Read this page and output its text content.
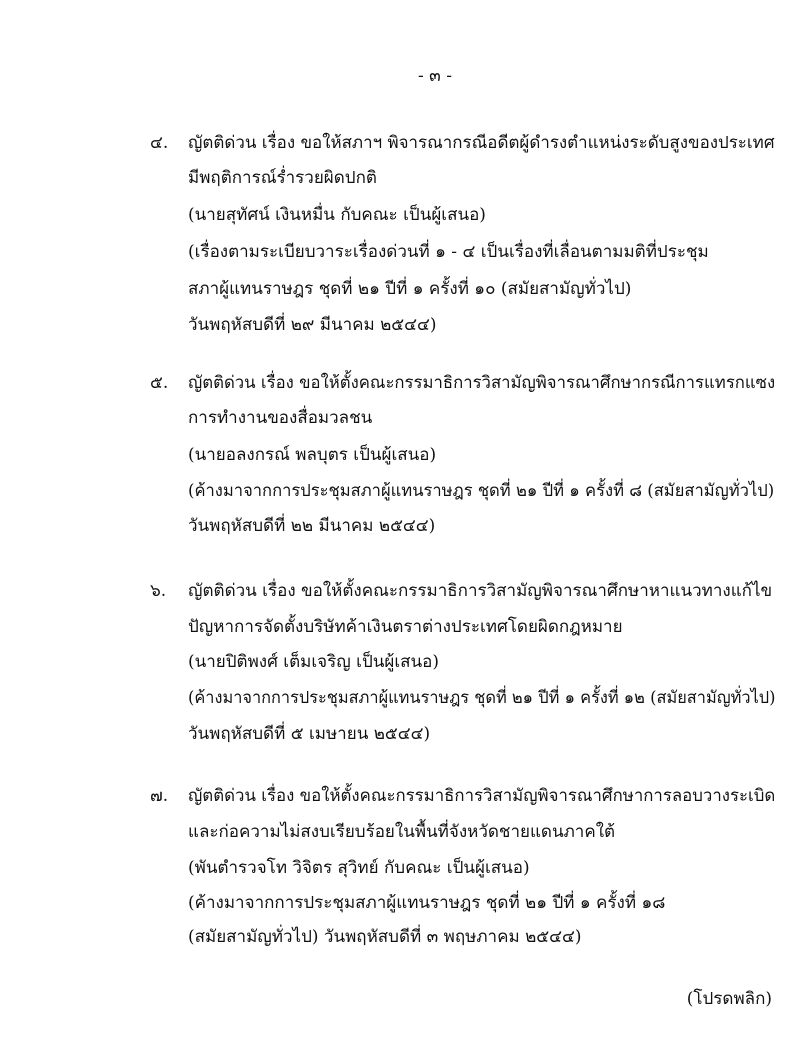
- ๓ -
๔. ญัตติด่วน เรื่อง ขอให้สภาฯ พิจารณากรณีอดีตผู้ดำรงตำแหน่งระดับสูงของประเทศ
มีพฤติการณ์ร่ำรวยผิดปกติ
(นายสุทัศน์ เงินหมื่น กับคณะ เป็นผู้เสนอ)
(เรื่องตามระเบียบวาระเรื่องด่วนที่ ๑ - ๔ เป็นเรื่องที่เลื่อนตามมติที่ประชุม
สภาผู้แทนราษฎร ชุดที่ ๒๑ ปีที่ ๑ ครั้งที่ ๑๐ (สมัยสามัญทั่วไป)
วันพฤหัสบดีที่ ๒๙ มีนาคม ๒๕๔๔)
๕. ญัตติด่วน เรื่อง ขอให้ตั้งคณะกรรมาธิการวิสามัญพิจารณาศึกษากรณีการแทรกแซง
การทำงานของสื่อมวลชน
(นายอลงกรณ์ พลบุตร เป็นผู้เสนอ)
(ค้างมาจากการประชุมสภาผู้แทนราษฎร ชุดที่ ๒๑ ปีที่ ๑ ครั้งที่ ๘ (สมัยสามัญทั่วไป)
วันพฤหัสบดีที่ ๒๒ มีนาคม ๒๕๔๔)
๖. ญัตติด่วน เรื่อง ขอให้ตั้งคณะกรรมาธิการวิสามัญพิจารณาศึกษาหาแนวทางแก้ไข
ปัญหาการจัดตั้งบริษัทค้าเงินตราต่างประเทศโดยผิดกฎหมาย
(นายปิติพงศ์ เต็มเจริญ เป็นผู้เสนอ)
(ค้างมาจากการประชุมสภาผู้แทนราษฎร ชุดที่ ๒๑ ปีที่ ๑ ครั้งที่ ๑๒ (สมัยสามัญทั่วไป)
วันพฤหัสบดีที่ ๕ เมษายน ๒๕๔๔)
๗. ญัตติด่วน เรื่อง ขอให้ตั้งคณะกรรมาธิการวิสามัญพิจารณาศึกษาการลอบวางระเบิด
และก่อความไม่สงบเรียบร้อยในพื้นที่จังหวัดชายแดนภาคใต้
(พันตำรวจโท วิจิตร สุวิทย์ กับคณะ เป็นผู้เสนอ)
(ค้างมาจากการประชุมสภาผู้แทนราษฎร ชุดที่ ๒๑ ปีที่ ๑ ครั้งที่ ๑๘
(สมัยสามัญทั่วไป) วันพฤหัสบดีที่ ๓ พฤษภาคม ๒๕๔๔)
(โปรดพลิก)
